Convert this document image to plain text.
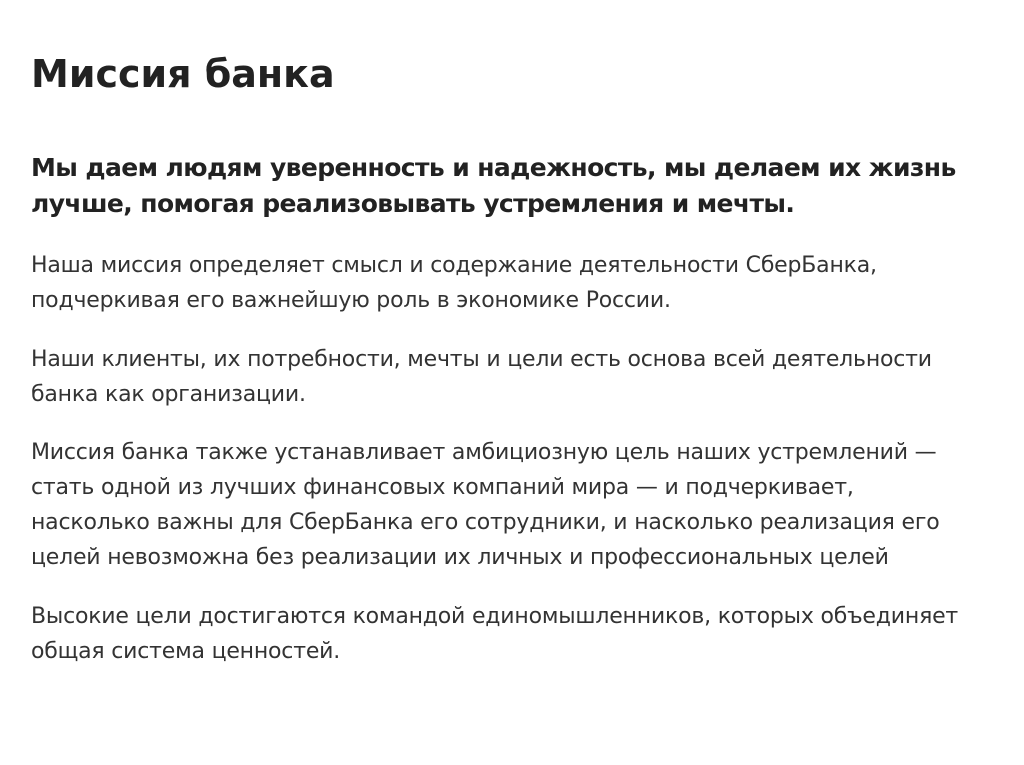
Миссия банка

Мы даем людям уверенность и надежность, мы делаем их жизнь лучше, помогая реализовывать устремления и мечты.

Наша миссия определяет смысл и содержание деятельности СберБанка, подчеркивая его важнейшую роль в экономике России.

Наши клиенты, их потребности, мечты и цели есть основа всей деятельности банка как организации.

Миссия банка также устанавливает амбициозную цель наших устремлений — стать одной из лучших финансовых компаний мира — и подчеркивает, насколько важны для СберБанка его сотрудники, и насколько реализация его целей невозможна без реализации их личных и профессиональных целей

Высокие цели достигаются командой единомышленников, которых объединяет общая система ценностей.
